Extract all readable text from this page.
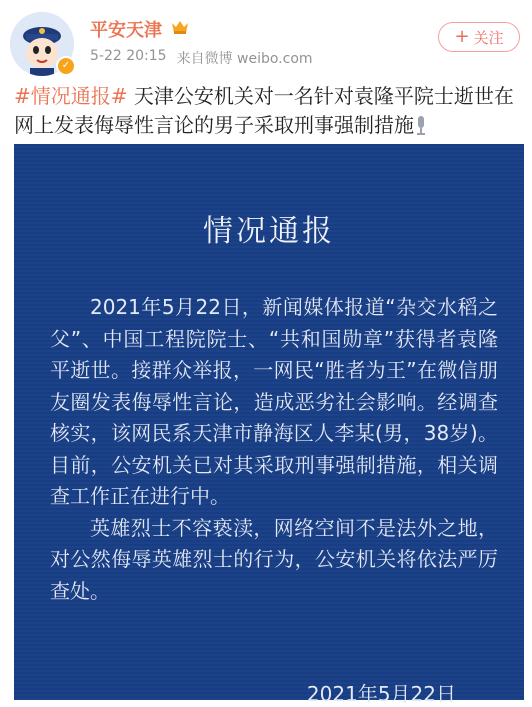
✓
平安天津
5-22 20:15 来自微博 weibo.com
+ 关注
#情况通报# 天津公安机关对一名针对袁隆平院士逝世在网上发表侮辱性言论的男子采取刑事强制措施
情况通报

2021年5月22日，新闻媒体报道“杂交水稻之父”、中国工程院院士、“共和国勋章”获得者袁隆平逝世。接群众举报，一网民“胜者为王”在微信朋友圈发表侮辱性言论，造成恶劣社会影响。经调查核实，该网民系天津市静海区人李某(男，38岁)。目前，公安机关已对其采取刑事强制措施，相关调查工作正在进行中。

英雄烈士不容亵渎，网络空间不是法外之地，对公然侮辱英雄烈士的行为，公安机关将依法严厉查处。

2021年5月22日
